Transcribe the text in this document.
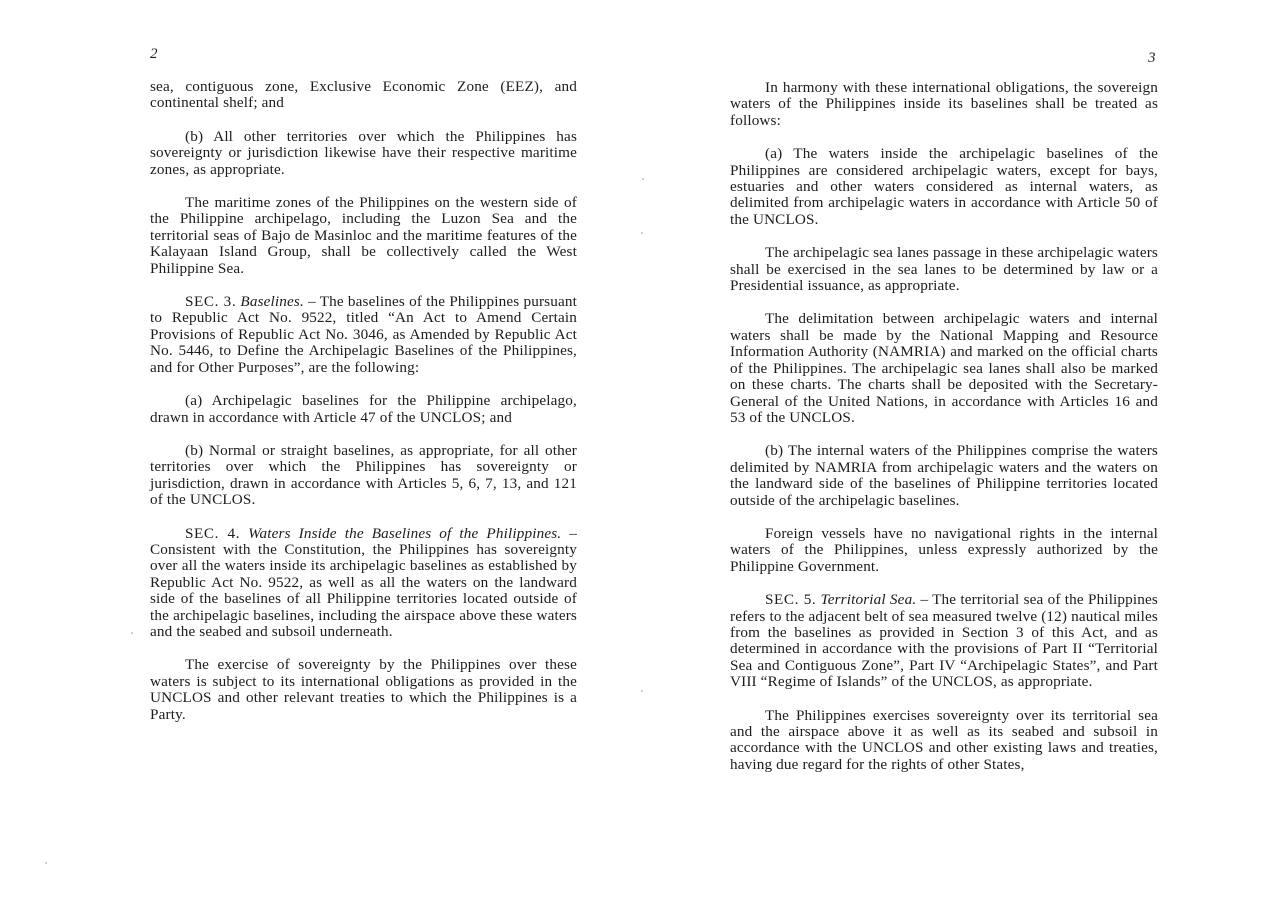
2	3

sea, contiguous zone, Exclusive Economic Zone (EEZ), and continental shelf; and

(b) All other territories over which the Philippines has sovereignty or jurisdiction likewise have their respective maritime zones, as appropriate.

The maritime zones of the Philippines on the western side of the Philippine archipelago, including the Luzon Sea and the territorial seas of Bajo de Masinloc and the maritime features of the Kalayaan Island Group, shall be collectively called the West Philippine Sea.

SEC. 3. Baselines. – The baselines of the Philippines pursuant to Republic Act No. 9522, titled “An Act to Amend Certain Provisions of Republic Act No. 3046, as Amended by Republic Act No. 5446, to Define the Archipelagic Baselines of the Philippines, and for Other Purposes”, are the following:

(a) Archipelagic baselines for the Philippine archipelago, drawn in accordance with Article 47 of the UNCLOS; and

(b) Normal or straight baselines, as appropriate, for all other territories over which the Philippines has sovereignty or jurisdiction, drawn in accordance with Articles 5, 6, 7, 13, and 121 of the UNCLOS.

SEC. 4. Waters Inside the Baselines of the Philippines. – Consistent with the Constitution, the Philippines has sovereignty over all the waters inside its archipelagic baselines as established by Republic Act No. 9522, as well as all the waters on the landward side of the baselines of all Philippine territories located outside of the archipelagic baselines, including the airspace above these waters and the seabed and subsoil underneath.

The exercise of sovereignty by the Philippines over these waters is subject to its international obligations as provided in the UNCLOS and other relevant treaties to which the Philippines is a Party.

In harmony with these international obligations, the sovereign waters of the Philippines inside its baselines shall be treated as follows:

(a) The waters inside the archipelagic baselines of the Philippines are considered archipelagic waters, except for bays, estuaries and other waters considered as internal waters, as delimited from archipelagic waters in accordance with Article 50 of the UNCLOS.

The archipelagic sea lanes passage in these archipelagic waters shall be exercised in the sea lanes to be determined by law or a Presidential issuance, as appropriate.

The delimitation between archipelagic waters and internal waters shall be made by the National Mapping and Resource Information Authority (NAMRIA) and marked on the official charts of the Philippines. The archipelagic sea lanes shall also be marked on these charts. The charts shall be deposited with the Secretary-General of the United Nations, in accordance with Articles 16 and 53 of the UNCLOS.

(b) The internal waters of the Philippines comprise the waters delimited by NAMRIA from archipelagic waters and the waters on the landward side of the baselines of Philippine territories located outside of the archipelagic baselines.

Foreign vessels have no navigational rights in the internal waters of the Philippines, unless expressly authorized by the Philippine Government.

SEC. 5. Territorial Sea. – The territorial sea of the Philippines refers to the adjacent belt of sea measured twelve (12) nautical miles from the baselines as provided in Section 3 of this Act, and as determined in accordance with the provisions of Part II “Territorial Sea and Contiguous Zone”, Part IV “Archipelagic States”, and Part VIII “Regime of Islands” of the UNCLOS, as appropriate.

The Philippines exercises sovereignty over its territorial sea and the airspace above it as well as its seabed and subsoil in accordance with the UNCLOS and other existing laws and treaties, having due regard for the rights of other States,
